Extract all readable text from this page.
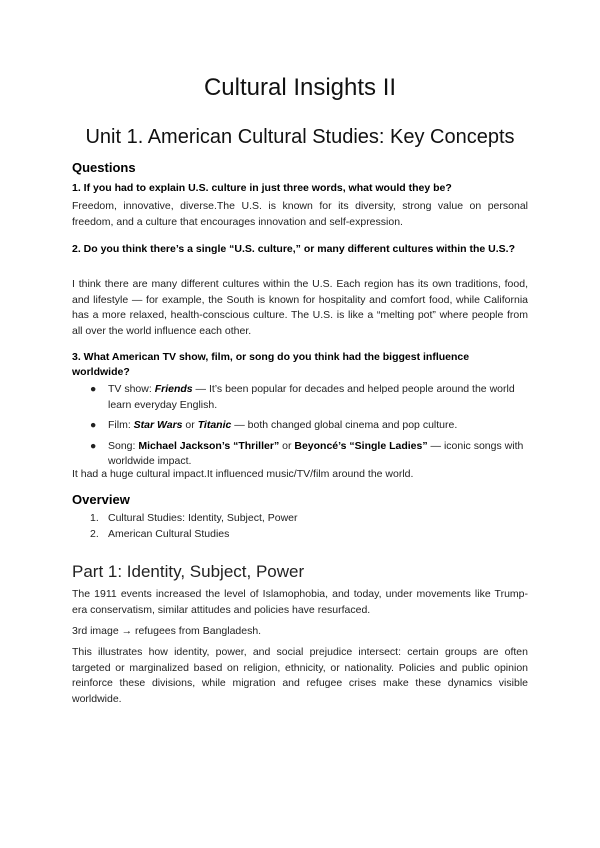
Cultural Insights II
Unit 1. American Cultural Studies: Key Concepts
Questions

1. If you had to explain U.S. culture in just three words, what would they be?

Freedom, innovative, diverse.The U.S. is known for its diversity, strong value on personal freedom, and a culture that encourages innovation and self-expression.

2. Do you think there’s a single “U.S. culture,” or many different cultures within the U.S.?

I think there are many different cultures within the U.S. Each region has its own traditions, food, and lifestyle — for example, the South is known for hospitality and comfort food, while California has a more relaxed, health-conscious culture. The U.S. is like a “melting pot” where people from all over the world influence each other.

3. What American TV show, film, or song do you think had the biggest influence worldwide?

● TV show: Friends — It’s been popular for decades and helped people around the world learn everyday English.
● Film: Star Wars or Titanic — both changed global cinema and pop culture.
● Song: Michael Jackson’s “Thriller” or Beyoncé’s “Single Ladies” — iconic songs with worldwide impact.

It had a huge cultural impact.It influenced music/TV/film around the world.

Overview
1. Cultural Studies: Identity, Subject, Power
2. American Cultural Studies
Part 1: Identity, Subject, Power

The 1911 events increased the level of Islamophobia, and today, under movements like Trump-era conservatism, similar attitudes and policies have resurfaced.

3rd image → refugees from Bangladesh.

This illustrates how identity, power, and social prejudice intersect: certain groups are often targeted or marginalized based on religion, ethnicity, or nationality. Policies and public opinion reinforce these divisions, while migration and refugee crises make these dynamics visible worldwide.
